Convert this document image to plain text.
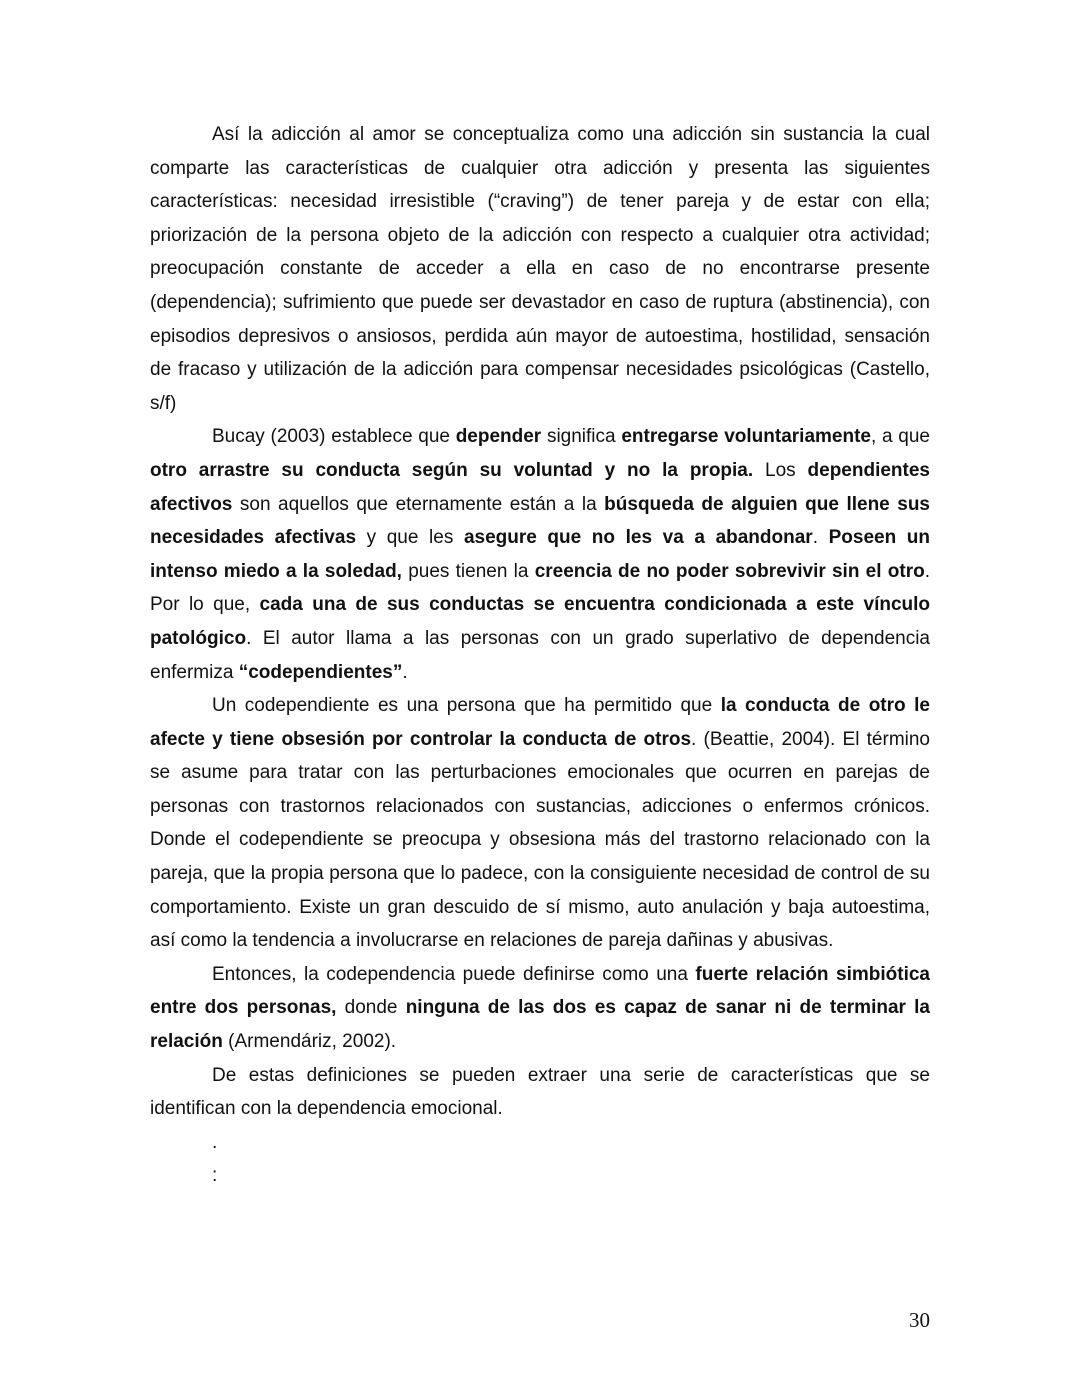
Así la adicción al amor se conceptualiza como una adicción sin sustancia la cual comparte las características de cualquier otra adicción y presenta las siguientes características: necesidad irresistible (“craving”) de tener pareja y de estar con ella; priorización de la persona objeto de la adicción con respecto a cualquier otra actividad; preocupación constante de acceder a ella en caso de no encontrarse presente (dependencia); sufrimiento que puede ser devastador en caso de ruptura (abstinencia), con episodios depresivos o ansiosos, perdida aún mayor de autoestima, hostilidad, sensación de fracaso y utilización de la adicción para compensar necesidades psicológicas (Castello, s/f)

Bucay (2003) establece que depender significa entregarse voluntariamente, a que otro arrastre su conducta según su voluntad y no la propia. Los dependientes afectivos son aquellos que eternamente están a la búsqueda de alguien que llene sus necesidades afectivas y que les asegure que no les va a abandonar. Poseen un intenso miedo a la soledad, pues tienen la creencia de no poder sobrevivir sin el otro. Por lo que, cada una de sus conductas se encuentra condicionada a este vínculo patológico. El autor llama a las personas con un grado superlativo de dependencia enfermiza “codependientes”.

Un codependiente es una persona que ha permitido que la conducta de otro le afecte y tiene obsesión por controlar la conducta de otros. (Beattie, 2004). El término se asume para tratar con las perturbaciones emocionales que ocurren en parejas de personas con trastornos relacionados con sustancias, adicciones o enfermos crónicos. Donde el codependiente se preocupa y obsesiona más del trastorno relacionado con la pareja, que la propia persona que lo padece, con la consiguiente necesidad de control de su comportamiento. Existe un gran descuido de sí mismo, auto anulación y baja autoestima, así como la tendencia a involucrarse en relaciones de pareja dañinas y abusivas.

Entonces, la codependencia puede definirse como una fuerte relación simbiótica entre dos personas, donde ninguna de las dos es capaz de sanar ni de terminar la relación (Armendáriz, 2002).

De estas definiciones se pueden extraer una serie de características que se identifican con la dependencia emocional.

.

:

30
